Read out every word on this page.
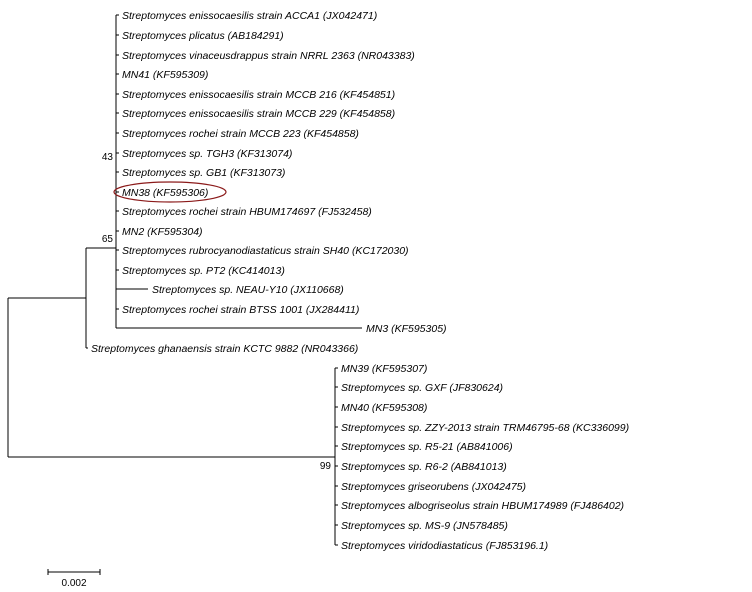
43
65
99
Streptomyces enissocaesilis strain ACCA1 (JX042471)
Streptomyces plicatus (AB184291)
Streptomyces vinaceusdrappus strain NRRL 2363 (NR043383)
MN41 (KF595309)
Streptomyces enissocaesilis strain MCCB 216 (KF454851)
Streptomyces enissocaesilis strain MCCB 229 (KF454858)
Streptomyces rochei strain MCCB 223 (KF454858)
Streptomyces sp. TGH3 (KF313074)
Streptomyces sp. GB1 (KF313073)
MN38 (KF595306)
Streptomyces rochei strain HBUM174697 (FJ532458)
MN2 (KF595304)
Streptomyces rubrocyanodiastaticus strain SH40 (KC172030)
Streptomyces sp. PT2 (KC414013)
Streptomyces sp. NEAU-Y10 (JX110668)
Streptomyces rochei strain BTSS 1001 (JX284411)
MN3 (KF595305)
Streptomyces ghanaensis strain KCTC 9882 (NR043366)
MN39 (KF595307)
Streptomyces sp. GXF (JF830624)
MN40 (KF595308)
Streptomyces sp. ZZY-2013 strain TRM46795-68 (KC336099)
Streptomyces sp. R5-21 (AB841006)
Streptomyces sp. R6-2 (AB841013)
Streptomyces griseorubens (JX042475)
Streptomyces albogriseolus strain HBUM174989 (FJ486402)
Streptomyces sp. MS-9 (JN578485)
Streptomyces viridodiastaticus (FJ853196.1)
0.002
